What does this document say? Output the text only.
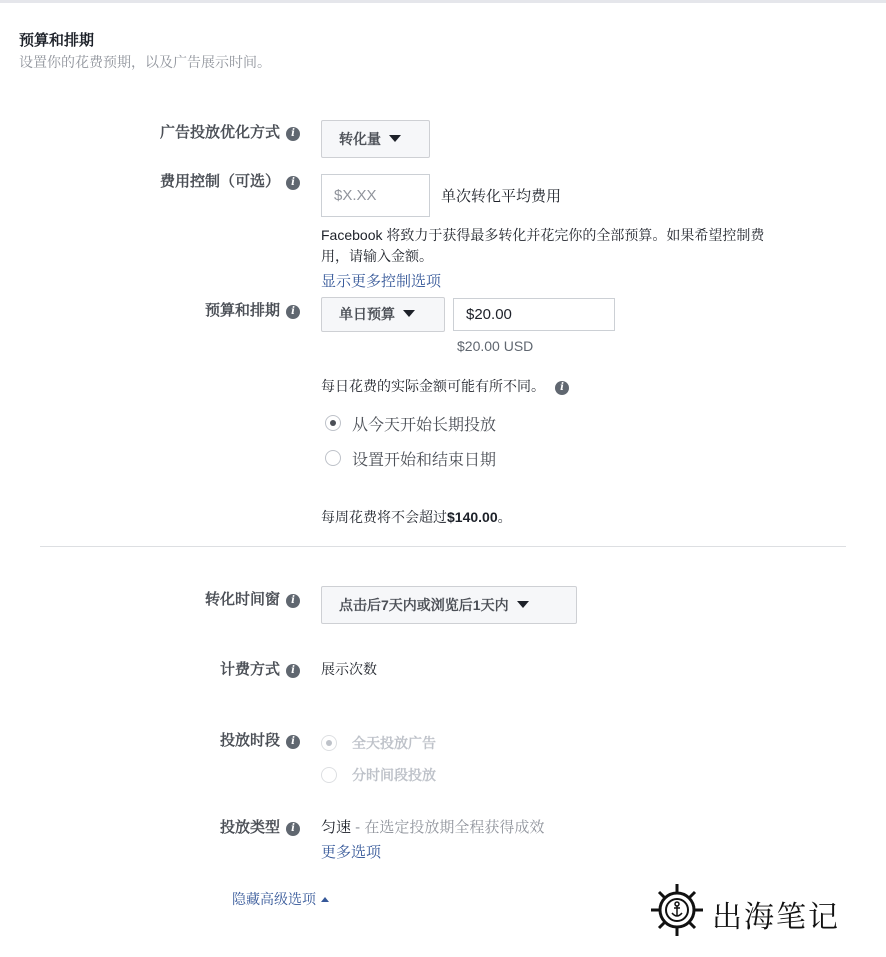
预算和排期
设置你的花费预期，以及广告展示时间。
广告投放优化方式 i	转化量
费用控制（可选） i
$X.XX	单次转化平均费用
Facebook 将致力于获得最多转化并花完你的全部预算。如果希望控制费
用，请输入金额。
显示更多控制选项
预算和排期 i	单日预算	$20.00
$20.00 USD
每日花费的实际金额可能有所不同。 i
从今天开始长期投放
设置开始和结束日期
每周花费将不会超过$140.00。
转化时间窗 i	点击后7天内或浏览后1天内
计费方式 i	展示次数
投放时段 i	全天投放广告
分时间段投放
投放类型 i	匀速 - 在选定投放期全程获得成效
更多选项
隐藏高级选项
出海笔记
